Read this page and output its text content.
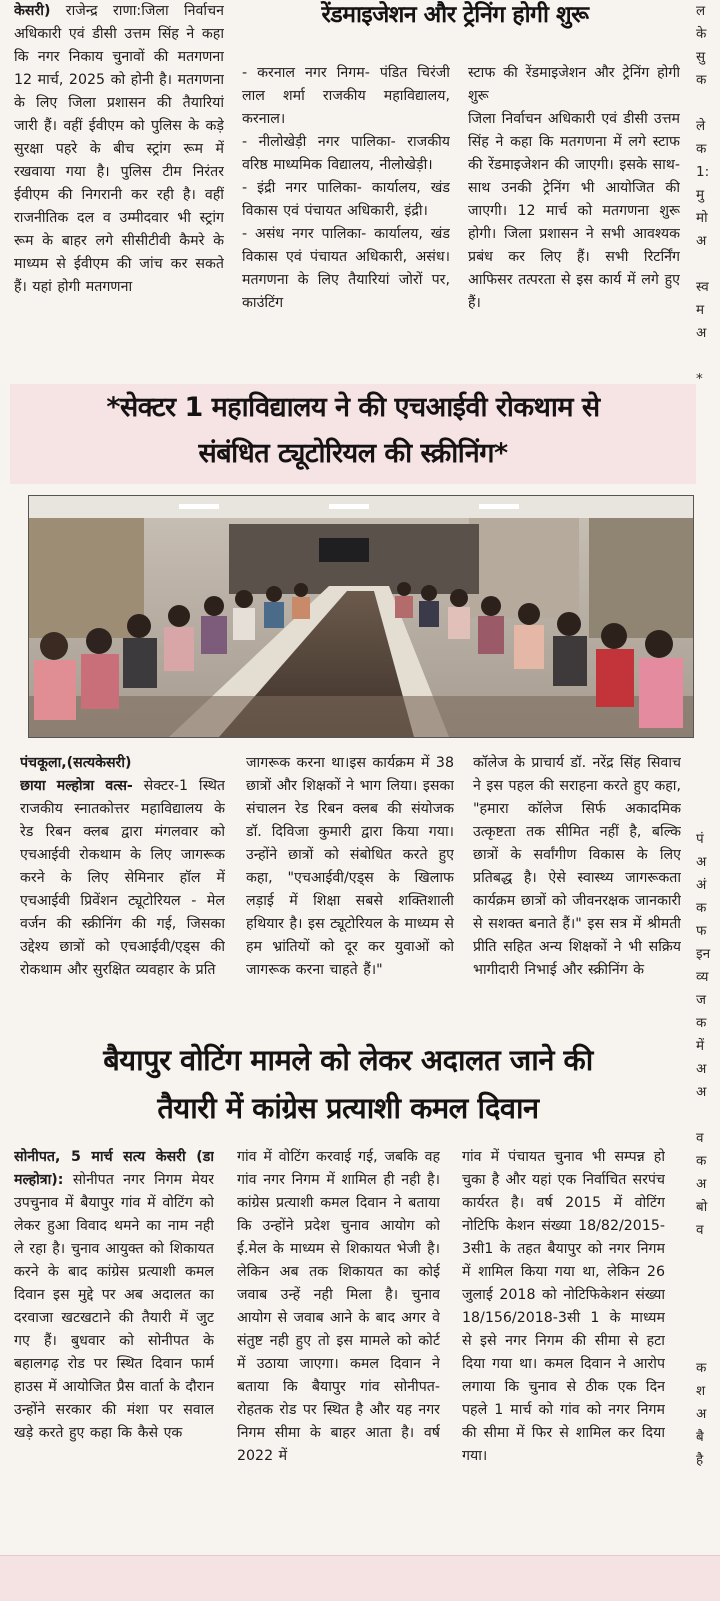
रेंडमाइजेशन और ट्रेनिंग होगी शुरू

केसरी) राजेन्द्र राणा:जिला निर्वाचन अधिकारी एवं डीसी उत्तम सिंह ने कहा कि नगर निकाय चुनावों की मतगणना 12 मार्च, 2025 को होनी है। मतगणना के लिए जिला प्रशासन की तैयारियां जारी हैं। वहीं ईवीएम को पुलिस के कड़े सुरक्षा पहरे के बीच स्ट्रांग रूम में रखवाया गया है। पुलिस टीम निरंतर ईवीएम की निगरानी कर रही है। वहीं राजनीतिक दल व उम्मीदवार भी स्ट्रांग रूम के बाहर लगे सीसीटीवी कैमरे के माध्यम से ईवीएम की जांच कर सकते हैं। यहां होगी मतगणना

- करनाल नगर निगम- पंडित चिरंजी लाल शर्मा राजकीय महाविद्यालय, करनाल।

- नीलोखेड़ी नगर पालिका- राजकीय वरिष्ठ माध्यमिक विद्यालय, नीलोखेड़ी।

- इंद्री नगर पालिका- कार्यालय, खंड विकास एवं पंचायत अधिकारी, इंद्री।

- असंध नगर पालिका- कार्यालय, खंड विकास एवं पंचायत अधिकारी, असंध। मतगणना के लिए तैयारियां जोरों पर, काउंटिंग

स्टाफ की रेंडमाइजेशन और ट्रेनिंग होगी शुरू

जिला निर्वाचन अधिकारी एवं डीसी उत्तम सिंह ने कहा कि मतगणना में लगे स्टाफ की रेंडमाइजेशन की जाएगी। इसके साथ-साथ उनकी ट्रेनिंग भी आयोजित की जाएगी। 12 मार्च को मतगणना शुरू होगी। जिला प्रशासन ने सभी आवश्यक प्रबंध कर लिए हैं। सभी रिटर्निंग आफिसर तत्परता से इस कार्य में लगे हुए हैं।

*सेक्टर 1 महाविद्यालय ने की एचआईवी रोकथाम से
संबंधित ट्यूटोरियल की स्क्रीनिंग*

पंचकूला,(सत्यकेसरी)

छाया मल्होत्रा वत्स- सेक्टर-1 स्थित राजकीय स्नातकोत्तर महाविद्यालय के रेड रिबन क्लब द्वारा मंगलवार को एचआईवी रोकथाम के लिए जागरूक करने के लिए सेमिनार हॉल में एचआईवी प्रिवेंशन ट्यूटोरियल - मेल वर्जन की स्क्रीनिंग की गई, जिसका उद्देश्य छात्रों को एचआईवी/एड्स की रोकथाम और सुरक्षित व्यवहार के प्रति

जागरूक करना था।इस कार्यक्रम में 38 छात्रों और शिक्षकों ने भाग लिया। इसका संचालन रेड रिबन क्लब की संयोजक डॉ. दिविजा कुमारी द्वारा किया गया। उन्होंने छात्रों को संबोधित करते हुए कहा, "एचआईवी/एड्स के खिलाफ लड़ाई में शिक्षा सबसे शक्तिशाली हथियार है। इस ट्यूटोरियल के माध्यम से हम भ्रांतियों को दूर कर युवाओं को जागरूक करना चाहते हैं।"

कॉलेज के प्राचार्य डॉ. नरेंद्र सिंह सिवाच ने इस पहल की सराहना करते हुए कहा, "हमारा कॉलेज सिर्फ अकादमिक उत्कृष्टता तक सीमित नहीं है, बल्कि छात्रों के सर्वांगीण विकास के लिए प्रतिबद्ध है। ऐसे स्वास्थ्य जागरूकता कार्यक्रम छात्रों को जीवनरक्षक जानकारी से सशक्त बनाते हैं।" इस सत्र में श्रीमती प्रीति सहित अन्य शिक्षकों ने भी सक्रिय भागीदारी निभाई और स्क्रीनिंग के

बैयापुर वोटिंग मामले को लेकर अदालत जाने की
तैयारी में कांग्रेस प्रत्याशी कमल दिवान

सोनीपत, 5 मार्च सत्य केसरी (डा मल्होत्रा): सोनीपत नगर निगम मेयर उपचुनाव में बैयापुर गांव में वोटिंग को लेकर हुआ विवाद थमने का नाम नही ले रहा है। चुनाव आयुक्त को शिकायत करने के बाद कांग्रेस प्रत्याशी कमल दिवान इस मुद्दे पर अब अदालत का दरवाजा खटखटाने की तैयारी में जुट गए हैं। बुधवार को सोनीपत के बहालगढ़ रोड पर स्थित दिवान फार्म हाउस में आयोजित प्रैस वार्ता के दौरान उन्होंने सरकार की मंशा पर सवाल खड़े करते हुए कहा कि कैसे एक

गांव में वोटिंग करवाई गई, जबकि वह गांव नगर निगम में शामिल ही नही है। कांग्रेस प्रत्याशी कमल दिवान ने बताया कि उन्होंने प्रदेश चुनाव आयोग को ई.मेल के माध्यम से शिकायत भेजी है। लेकिन अब तक शिकायत का कोई जवाब उन्हें नही मिला है। चुनाव आयोग से जवाब आने के बाद अगर वे संतुष्ट नही हुए तो इस मामले को कोर्ट में उठाया जाएगा। कमल दिवान ने बताया कि बैयापुर गांव सोनीपत-रोहतक रोड पर स्थित है और यह नगर निगम सीमा के बाहर आता है। वर्ष 2022 में

गांव में पंचायत चुनाव भी सम्पन्न हो चुका है और यहां एक निर्वाचित सरपंच कार्यरत है। वर्ष 2015 में वोटिंग नोटिफि केशन संख्या 18/82/2015-3सी1 के तहत बैयापुर को नगर निगम में शामिल किया गया था, लेकिन 26 जुलाई 2018 को नोटिफिकेशन संख्या 18/156/2018-3सी 1 के माध्यम से इसे नगर निगम की सीमा से हटा दिया गया था। कमल दिवान ने आरोप लगाया कि चुनाव से ठीक एक दिन पहले 1 मार्च को गांव को नगर निगम की सीमा में फिर से शामिल कर दिया गया।

ल
के
सु
क
ले
क
1:
मु
मो
अ
स्व
म
अ
*
पं
अ
अं
क
फ
इन
व्य
ज
क
में
अ
अ
व
क
अ
बो
व
क
श
अ
बै
है
